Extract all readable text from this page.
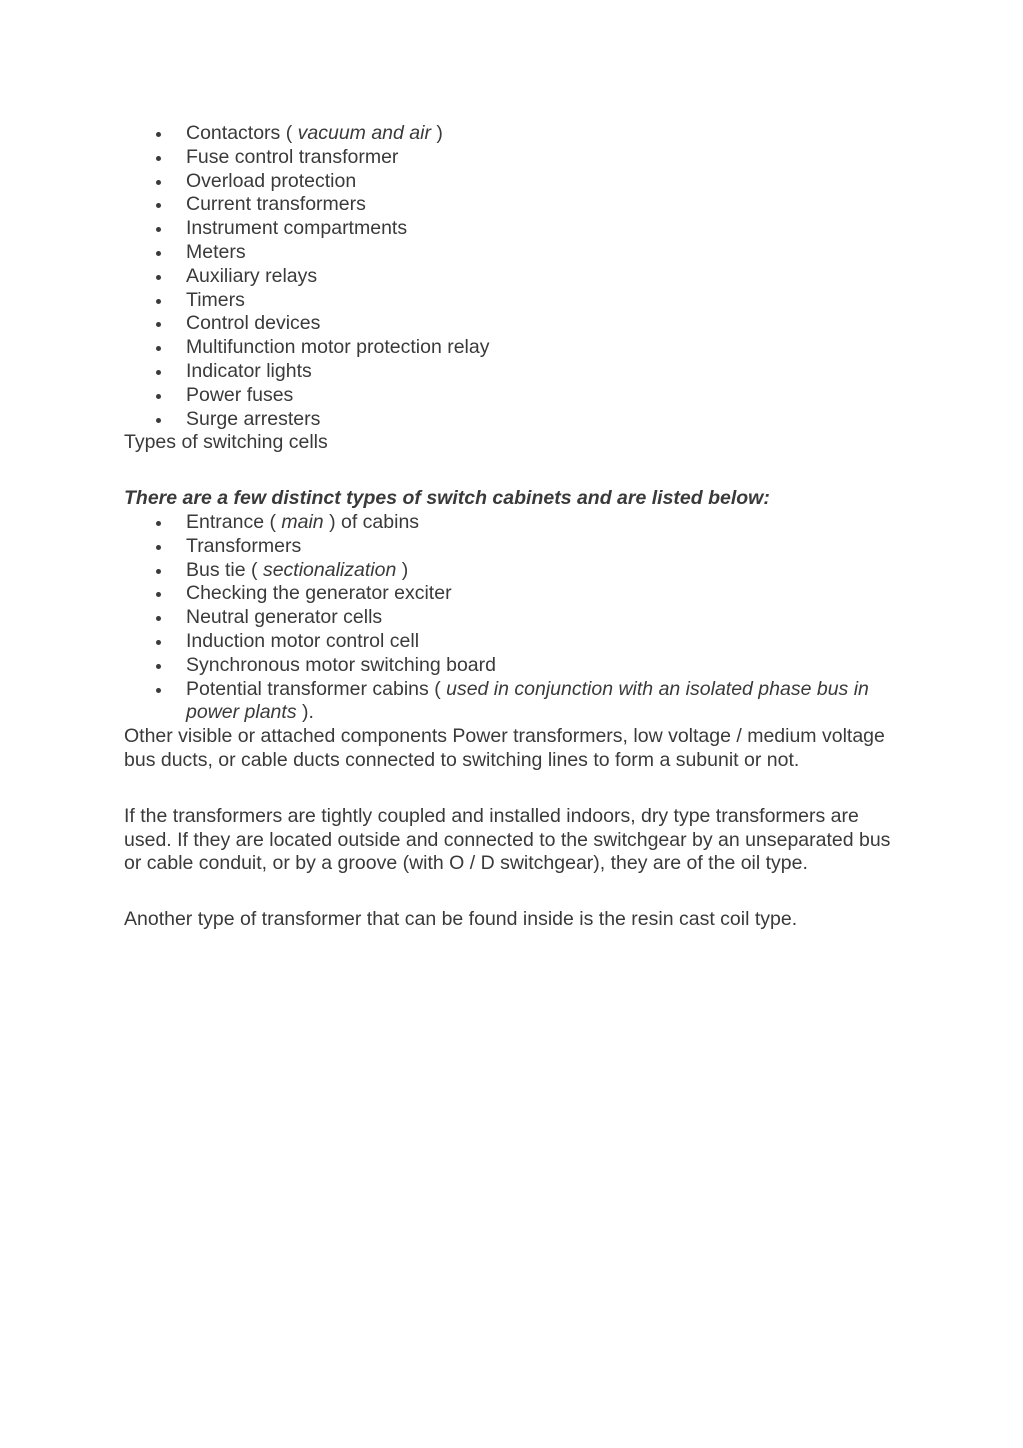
Contactors ( vacuum and air )
Fuse control transformer
Overload protection
Current transformers
Instrument compartments
Meters
Auxiliary relays
Timers
Control devices
Multifunction motor protection relay
Indicator lights
Power fuses
Surge arresters

Types of switching cells

There are a few distinct types of switch cabinets and are listed below:

Entrance ( main ) of cabins
Transformers
Bus tie ( sectionalization )
Checking the generator exciter
Neutral generator cells
Induction motor control cell
Synchronous motor switching board
Potential transformer cabins ( used in conjunction with an isolated phase bus in power plants ).

Other visible or attached components Power transformers, low voltage / medium voltage bus ducts, or cable ducts connected to switching lines to form a subunit or not.

If the transformers are tightly coupled and installed indoors, dry type transformers are used. If they are located outside and connected to the switchgear by an unseparated bus or cable conduit, or by a groove (with O / D switchgear), they are of the oil type.

Another type of transformer that can be found inside is the resin cast coil type.
